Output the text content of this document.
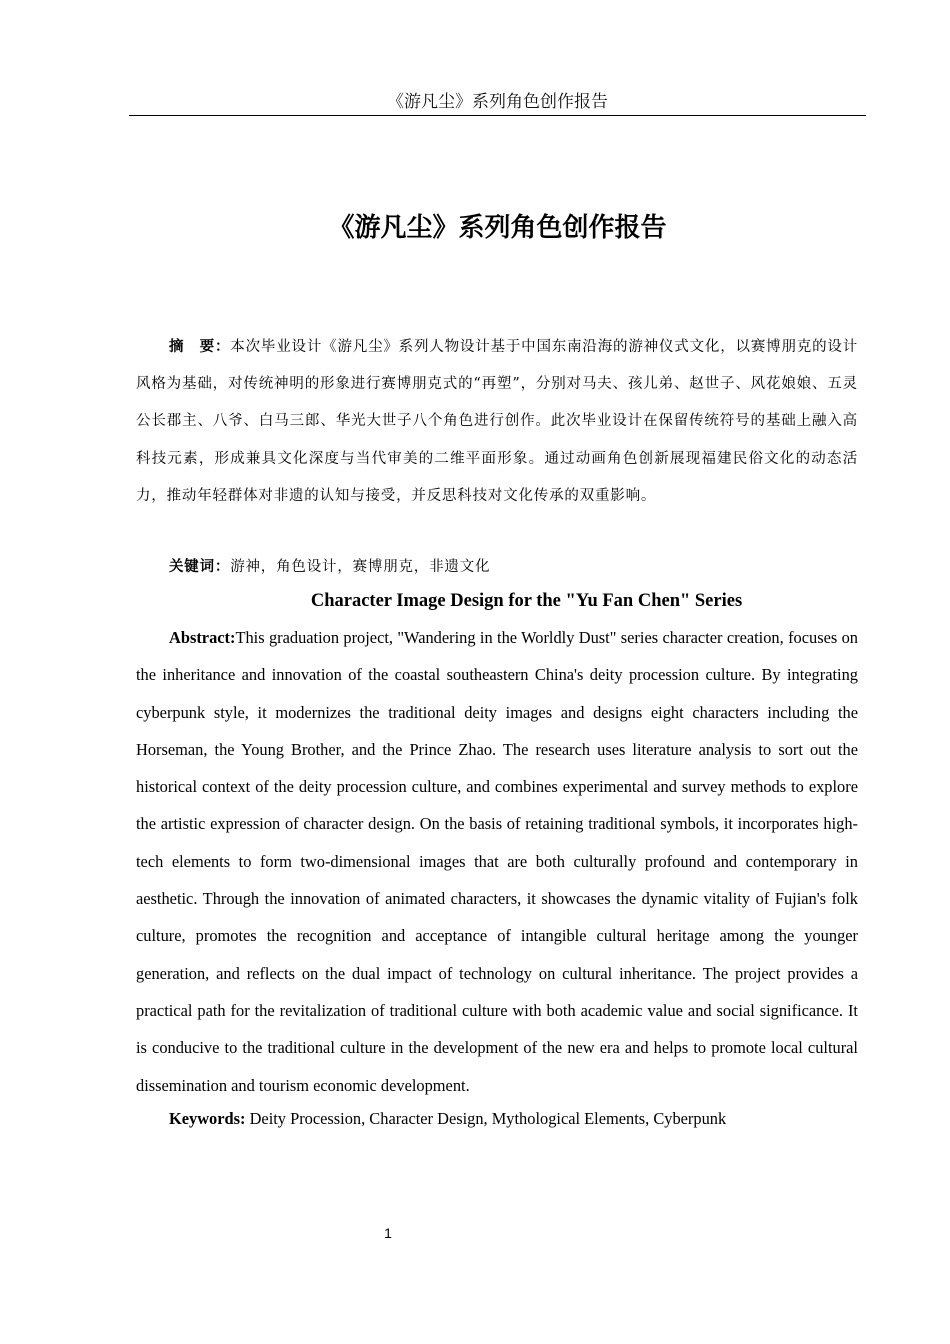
《游凡尘》系列角色创作报告
《游凡尘》系列角色创作报告

摘　要：本次毕业设计《游凡尘》系列人物设计基于中国东南沿海的游神仪式文化，以赛博朋克的设计风格为基础，对传统神明的形象进行赛博朋克式的“再塑”，分别对马夫、孩儿弟、赵世子、风花娘娘、五灵公长郡主、八爷、白马三郎、华光大世子八个角色进行创作。此次毕业设计在保留传统符号的基础上融入高科技元素，形成兼具文化深度与当代审美的二维平面形象。通过动画角色创新展现福建民俗文化的动态活力，推动年轻群体对非遗的认知与接受，并反思科技对文化传承的双重影响。

关键词：游神，角色设计，赛博朋克，非遗文化

Character Image Design for the "Yu Fan Chen" Series

Abstract:This graduation project, "Wandering in the Worldly Dust" series character creation, focuses on the inheritance and innovation of the coastal southeastern China's deity procession culture. By integrating cyberpunk style, it modernizes the traditional deity images and designs eight characters including the Horseman, the Young Brother, and the Prince Zhao. The research uses literature analysis to sort out the historical context of the deity procession culture, and combines experimental and survey methods to explore the artistic expression of character design. On the basis of retaining traditional symbols, it incorporates high-tech elements to form two-dimensional images that are both culturally profound and contemporary in aesthetic. Through the innovation of animated characters, it showcases the dynamic vitality of Fujian's folk culture, promotes the recognition and acceptance of intangible cultural heritage among the younger generation, and reflects on the dual impact of technology on cultural inheritance. The project provides a practical path for the revitalization of traditional culture with both academic value and social significance. It is conducive to the traditional culture in the development of the new era and helps to promote local cultural dissemination and tourism economic development.

Keywords: Deity Procession, Character Design, Mythological Elements, Cyberpunk

1
